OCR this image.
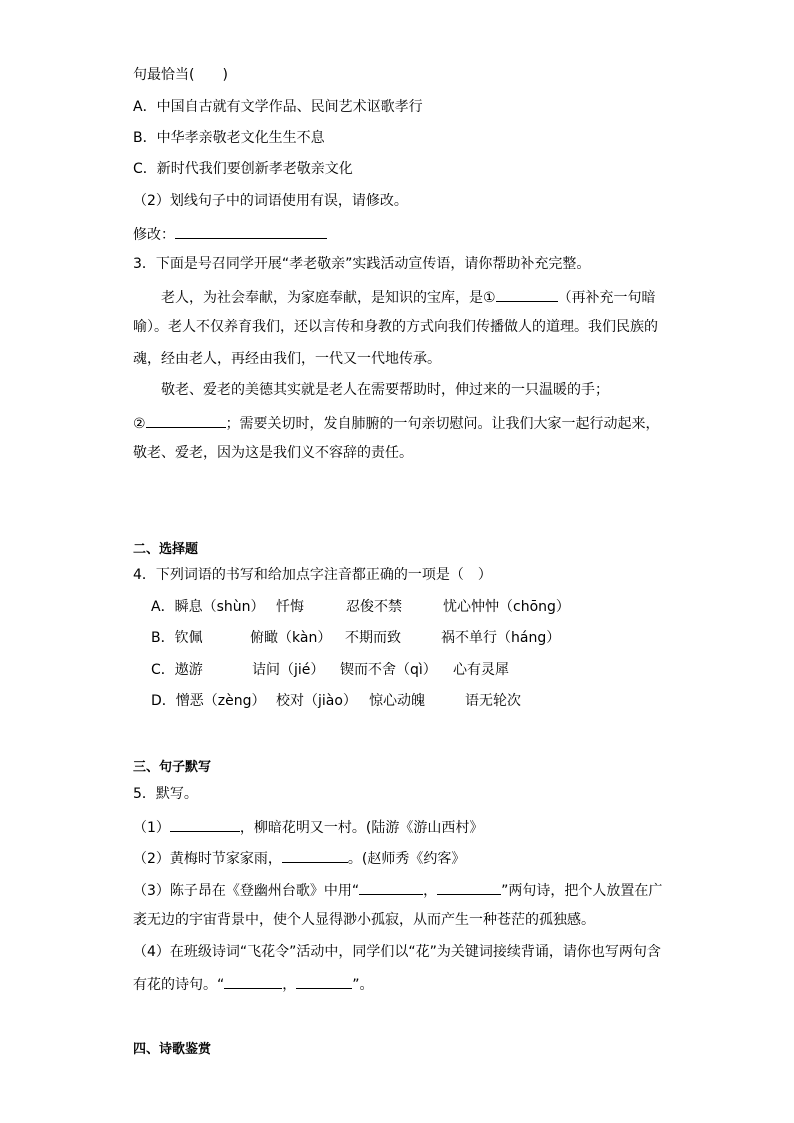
句最恰当(　　)
A．中国自古就有文学作品、民间艺术讴歌孝行
B．中华孝亲敬老文化生生不息
C．新时代我们要创新孝老敬亲文化
（2）划线句子中的词语使用有误，请修改。
修改：
3．下面是号召同学开展“孝老敬亲”实践活动宣传语，请你帮助补充完整。
老人，为社会奉献，为家庭奉献，是知识的宝库，是①	（再补充一句暗
喻）。老人不仅养育我们，还以言传和身教的方式向我们传播做人的道理。我们民族的
魂，经由老人，再经由我们，一代又一代地传承。
敬老、爱老的美德其实就是老人在需要帮助时，伸过来的一只温暖的手；
②	；需要关切时，发自肺腑的一句亲切慰问。让我们大家一起行动起来，
敬老、爱老，因为这是我们义不容辞的责任。
二、选择题
4．下列词语的书写和给加点字注音都正确的一项是（　）
A．瞬息（shùn） 忏悔	忍俊不禁	忧心忡忡（chōng）
B．钦佩	俯瞰（kàn） 不期而致	祸不单行（háng）
C．遨游	诘问（jié） 锲而不舍（qì） 心有灵犀
D．憎恶（zèng） 校对（jiào） 惊心动魄	语无轮次
三、句子默写
5．默写。
（1）	，柳暗花明又一村。(陆游《游山西村》
（2）黄梅时节家家雨，	。(赵师秀《约客》
（3）陈子昂在《登幽州台歌》中用“	，	”两句诗，把个人放置在广
袤无边的宇宙背景中，使个人显得渺小孤寂，从而产生一种苍茫的孤独感。
（4）在班级诗词“飞花令”活动中，同学们以“花”为关键词接续背诵，请你也写两句含
有花的诗句。“	，	”。
四、诗歌鉴赏
